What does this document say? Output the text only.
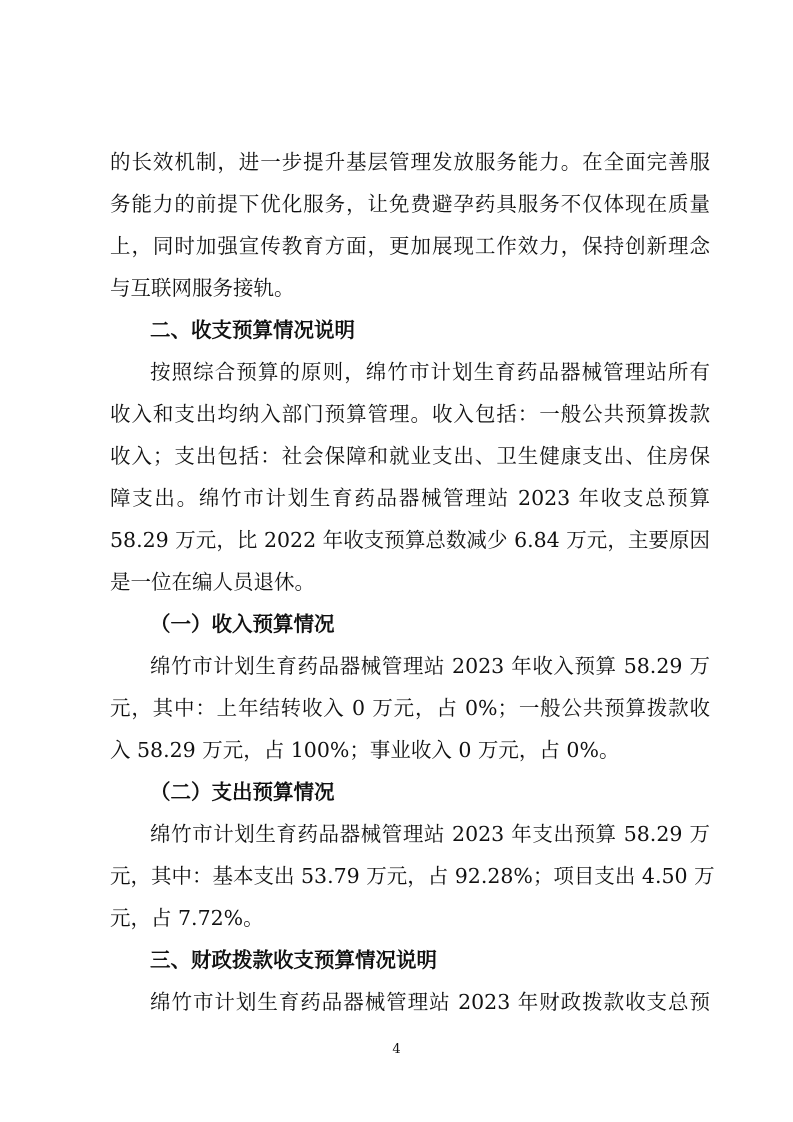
的长效机制，进一步提升基层管理发放服务能力。在全面完善服
务能力的前提下优化服务，让免费避孕药具服务不仅体现在质量
上，同时加强宣传教育方面，更加展现工作效力，保持创新理念
与互联网服务接轨。
二、收支预算情况说明
按照综合预算的原则，绵竹市计划生育药品器械管理站所有
收入和支出均纳入部门预算管理。收入包括：一般公共预算拨款
收入；支出包括：社会保障和就业支出、卫生健康支出、住房保
障支出。绵竹市计划生育药品器械管理站 2023 年收支总预算
58.29 万元，比 2022 年收支预算总数减少 6.84 万元，主要原因
是一位在编人员退休。
（一）收入预算情况
绵竹市计划生育药品器械管理站 2023 年收入预算 58.29 万
元，其中：上年结转收入 0 万元，占 0%；一般公共预算拨款收
入 58.29 万元，占 100%；事业收入 0 万元，占 0%。
（二）支出预算情况
绵竹市计划生育药品器械管理站 2023 年支出预算 58.29 万
元，其中：基本支出 53.79 万元，占 92.28%；项目支出 4.50 万
元，占 7.72%。
三、财政拨款收支预算情况说明
绵竹市计划生育药品器械管理站 2023 年财政拨款收支总预
4
